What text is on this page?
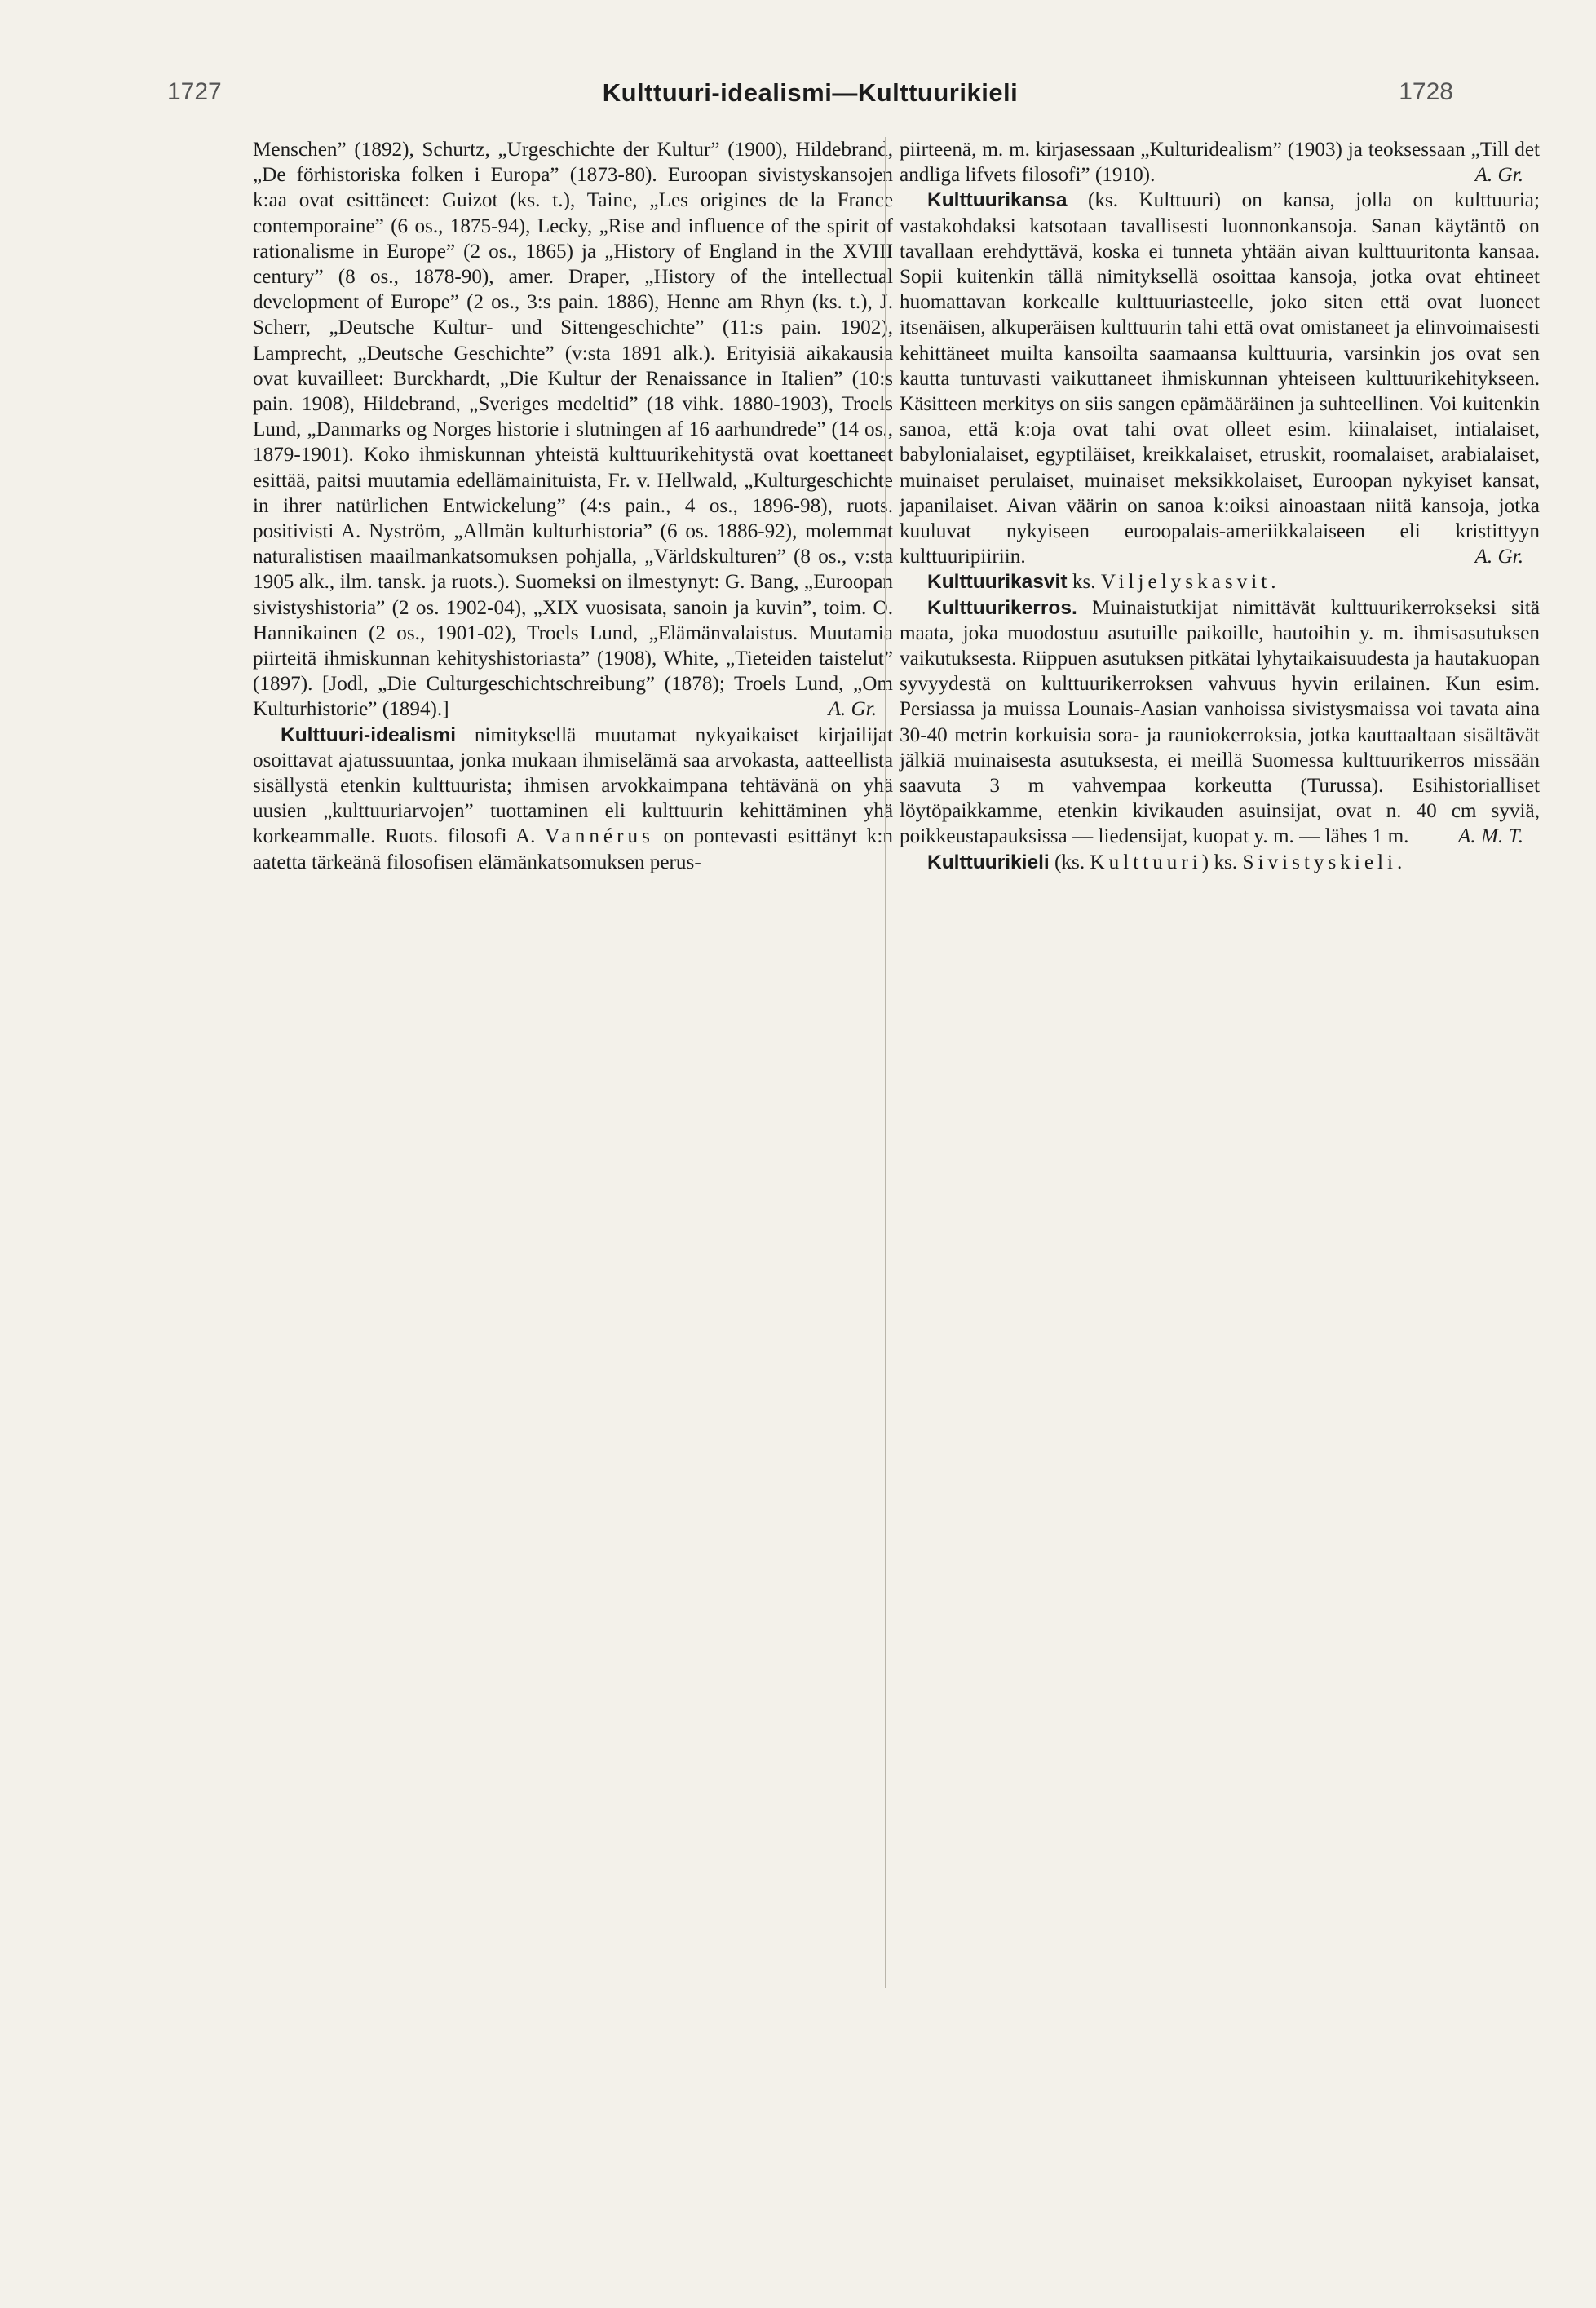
1727	Kulttuuri-idealismi—Kulttuurikieli	1728

Menschen” (1892), Schurtz, „Urgeschichte der Kultur” (1900), Hildebrand, „De förhistoriska folken i Europa” (1873-80). Euroopan sivistyskansojen k:aa ovat esittäneet: Guizot (ks. t.), Taine, „Les origines de la France contemporaine” (6 os., 1875-94), Lecky, „Rise and influence of the spirit of rationalisme in Europe” (2 os., 1865) ja „History of England in the XVIII century” (8 os., 1878-90), amer. Draper, „History of the intellectual development of Europe” (2 os., 3:s pain. 1886), Henne am Rhyn (ks. t.), J. Scherr, „Deutsche Kultur- und Sittengeschichte” (11:s pain. 1902), Lamprecht, „Deutsche Geschichte” (v:sta 1891 alk.). Erityisiä aikakausia ovat kuvailleet: Burckhardt, „Die Kultur der Renaissance in Italien” (10:s pain. 1908), Hildebrand, „Sveriges medeltid” (18 vihk. 1880-1903), Troels Lund, „Danmarks og Norges historie i slutningen af 16 aarhundrede” (14 os., 1879-1901). Koko ihmiskunnan yhteistä kulttuurikehitystä ovat koettaneet esittää, paitsi muutamia edellämainituista, Fr. v. Hellwald, „Kulturgeschichte in ihrer natürlichen Entwickelung” (4:s pain., 4 os., 1896-98), ruots. positivisti A. Nyström, „Allmän kulturhistoria” (6 os. 1886-92), molemmat naturalistisen maailmankatsomuksen pohjalla, „Världskulturen” (8 os., v:sta 1905 alk., ilm. tansk. ja ruots.). Suomeksi on ilmestynyt: G. Bang, „Euroopan sivistyshistoria” (2 os. 1902-04), „XIX vuosisata, sanoin ja kuvin”, toim. O. Hannikainen (2 os., 1901-02), Troels Lund, „Elämänvalaistus. Muutamia piirteitä ihmiskunnan kehityshistoriasta” (1908), White, „Tieteiden taistelut” (1897). [Jodl, „Die Culturgeschichtschreibung” (1878); Troels Lund, „Om Kulturhistorie” (1894).]	A. Gr.

Kulttuuri-idealismi nimityksellä muutamat nykyaikaiset kirjailijat osoittavat ajatussuuntaa, jonka mukaan ihmiselämä saa arvokasta, aatteellista sisällystä etenkin kulttuurista; ihmisen arvokkaimpana tehtävänä on yhä uusien „kulttuuriarvojen” tuottaminen eli kulttuurin kehittäminen yhä korkeammalle. Ruots. filosofi A. Vannérus on pontevasti esittänyt k:n aatetta tärkeänä filosofisen elämänkatsomuksen perus-

piirteenä, m. m. kirjasessaan „Kulturidealism” (1903) ja teoksessaan „Till det andliga lifvets filosofi” (1910).	A. Gr.

Kulttuurikansa (ks. Kulttuuri) on kansa, jolla on kulttuuria; vastakohdaksi katsotaan tavallisesti luonnonkansoja. Sanan käytäntö on tavallaan erehdyttävä, koska ei tunneta yhtään aivan kulttuuritonta kansaa. Sopii kuitenkin tällä nimityksellä osoittaa kansoja, jotka ovat ehtineet huomattavan korkealle kulttuuriasteelle, joko siten että ovat luoneet itsenäisen, alkuperäisen kulttuurin tahi että ovat omistaneet ja elinvoimaisesti kehittäneet muilta kansoilta saamaansa kulttuuria, varsinkin jos ovat sen kautta tuntuvasti vaikuttaneet ihmiskunnan yhteiseen kulttuurikehitykseen. Käsitteen merkitys on siis sangen epämääräinen ja suhteellinen. Voi kuitenkin sanoa, että k:oja ovat tahi ovat olleet esim. kiinalaiset, intialaiset, babylonialaiset, egyptiläiset, kreikkalaiset, etruskit, roomalaiset, arabialaiset, muinaiset perulaiset, muinaiset meksikkolaiset, Euroopan nykyiset kansat, japanilaiset. Aivan väärin on sanoa k:oiksi ainoastaan niitä kansoja, jotka kuuluvat nykyiseen euroopalais-ameriikkalaiseen eli kristittyyn kulttuuripiiriin.	A. Gr.

Kulttuurikasvit ks. Viljelyskasvit.

Kulttuurikerros. Muinaistutkijat nimittävät kulttuurikerrokseksi sitä maata, joka muodostuu asutuille paikoille, hautoihin y. m. ihmisasutuksen vaikutuksesta. Riippuen asutuksen pitkätai lyhytaikaisuudesta ja hautakuopan syvyydestä on kulttuurikerroksen vahvuus hyvin erilainen. Kun esim. Persiassa ja muissa Lounais-Aasian vanhoissa sivistysmaissa voi tavata aina 30-40 metrin korkuisia sora- ja rauniokerroksia, jotka kauttaaltaan sisältävät jälkiä muinaisesta asutuksesta, ei meillä Suomessa kulttuurikerros missään saavuta 3 m vahvempaa korkeutta (Turussa). Esihistorialliset löytöpaikkamme, etenkin kivikauden asuinsijat, ovat n. 40 cm syviä, poikkeustapauksissa — liedensijat, kuopat y. m. — lähes 1 m.	A. M. T.

Kulttuurikieli (ks. Kulttuuri) ks. Sivistyskieli.
